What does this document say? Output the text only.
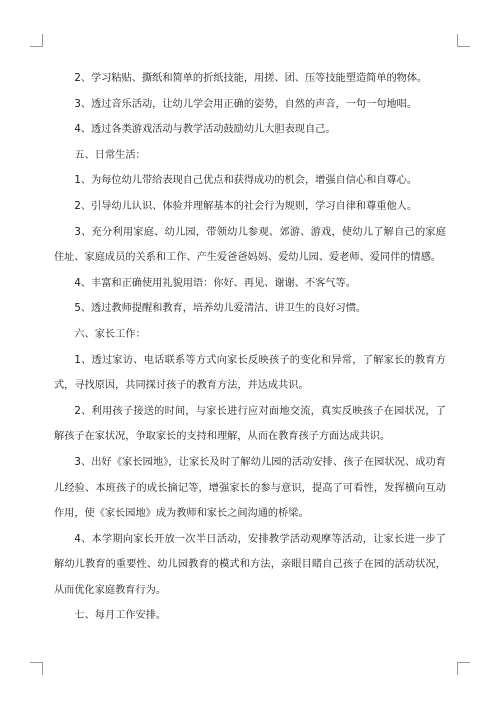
2、学习粘贴、撕纸和简单的折纸技能，用搓、团、压等技能塑造简单的物体。

3、透过音乐活动，让幼儿学会用正确的姿势，自然的声音，一句一句地唱。

4、透过各类游戏活动与教学活动鼓励幼儿大胆表现自己。

五、日常生活：

1、为每位幼儿带给表现自己优点和获得成功的机会，增强自信心和自尊心。

2、引导幼儿认识、体验并理解基本的社会行为规则，学习自律和尊重他人。

3、充分利用家庭、幼儿园，带领幼儿参观、郊游、游戏，使幼儿了解自己的家庭住址、家庭成员的关系和工作、产生爱爸爸妈妈、爱幼儿园、爱老师、爱同伴的情感。

4、丰富和正确使用礼貌用语：你好、再见、谢谢、不客气等。

5、透过教师提醒和教育，培养幼儿爱清洁、讲卫生的良好习惯。

六、家长工作：

1、透过家访、电话联系等方式向家长反映孩子的变化和异常，了解家长的教育方式，寻找原因，共同探讨孩子的教育方法，并达成共识。

2、利用孩子接送的时间，与家长进行应对面地交流，真实反映孩子在园状况，了解孩子在家状况，争取家长的支持和理解，从而在教育孩子方面达成共识。

3、出好《家长园地》，让家长及时了解幼儿园的活动安排、孩子在园状况、成功育儿经验、本班孩子的成长摘记等，增强家长的参与意识，提高了可看性，发挥横向互动作用，使《家长园地》成为教师和家长之间沟通的桥梁。

4、本学期向家长开放一次半日活动，安排教学活动观摩等活动，让家长进一步了解幼儿教育的重要性、幼儿园教育的模式和方法，亲眼目睹自己孩子在园的活动状况，从而优化家庭教育行为。

七、每月工作安排。
